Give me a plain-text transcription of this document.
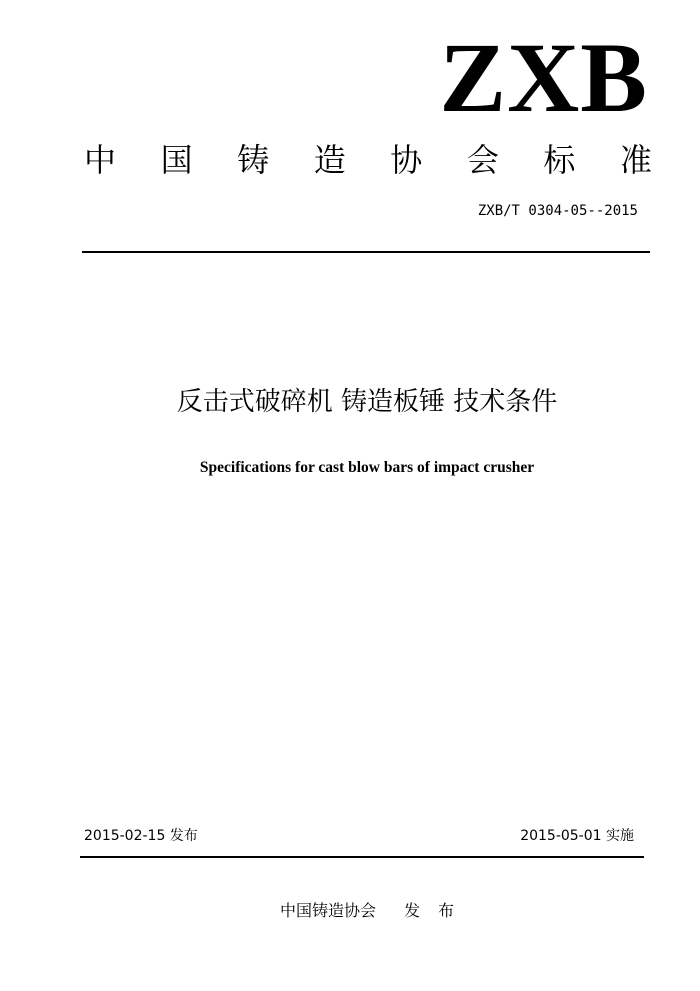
ZXB
中 国 铸 造 协 会 标 准
ZXB/T 0304-05--2015
反击式破碎机 铸造板锤 技术条件
Specifications for cast blow bars of impact crusher
2015-02-15 发布	2015-05-01 实施
中国铸造协会 发 布
